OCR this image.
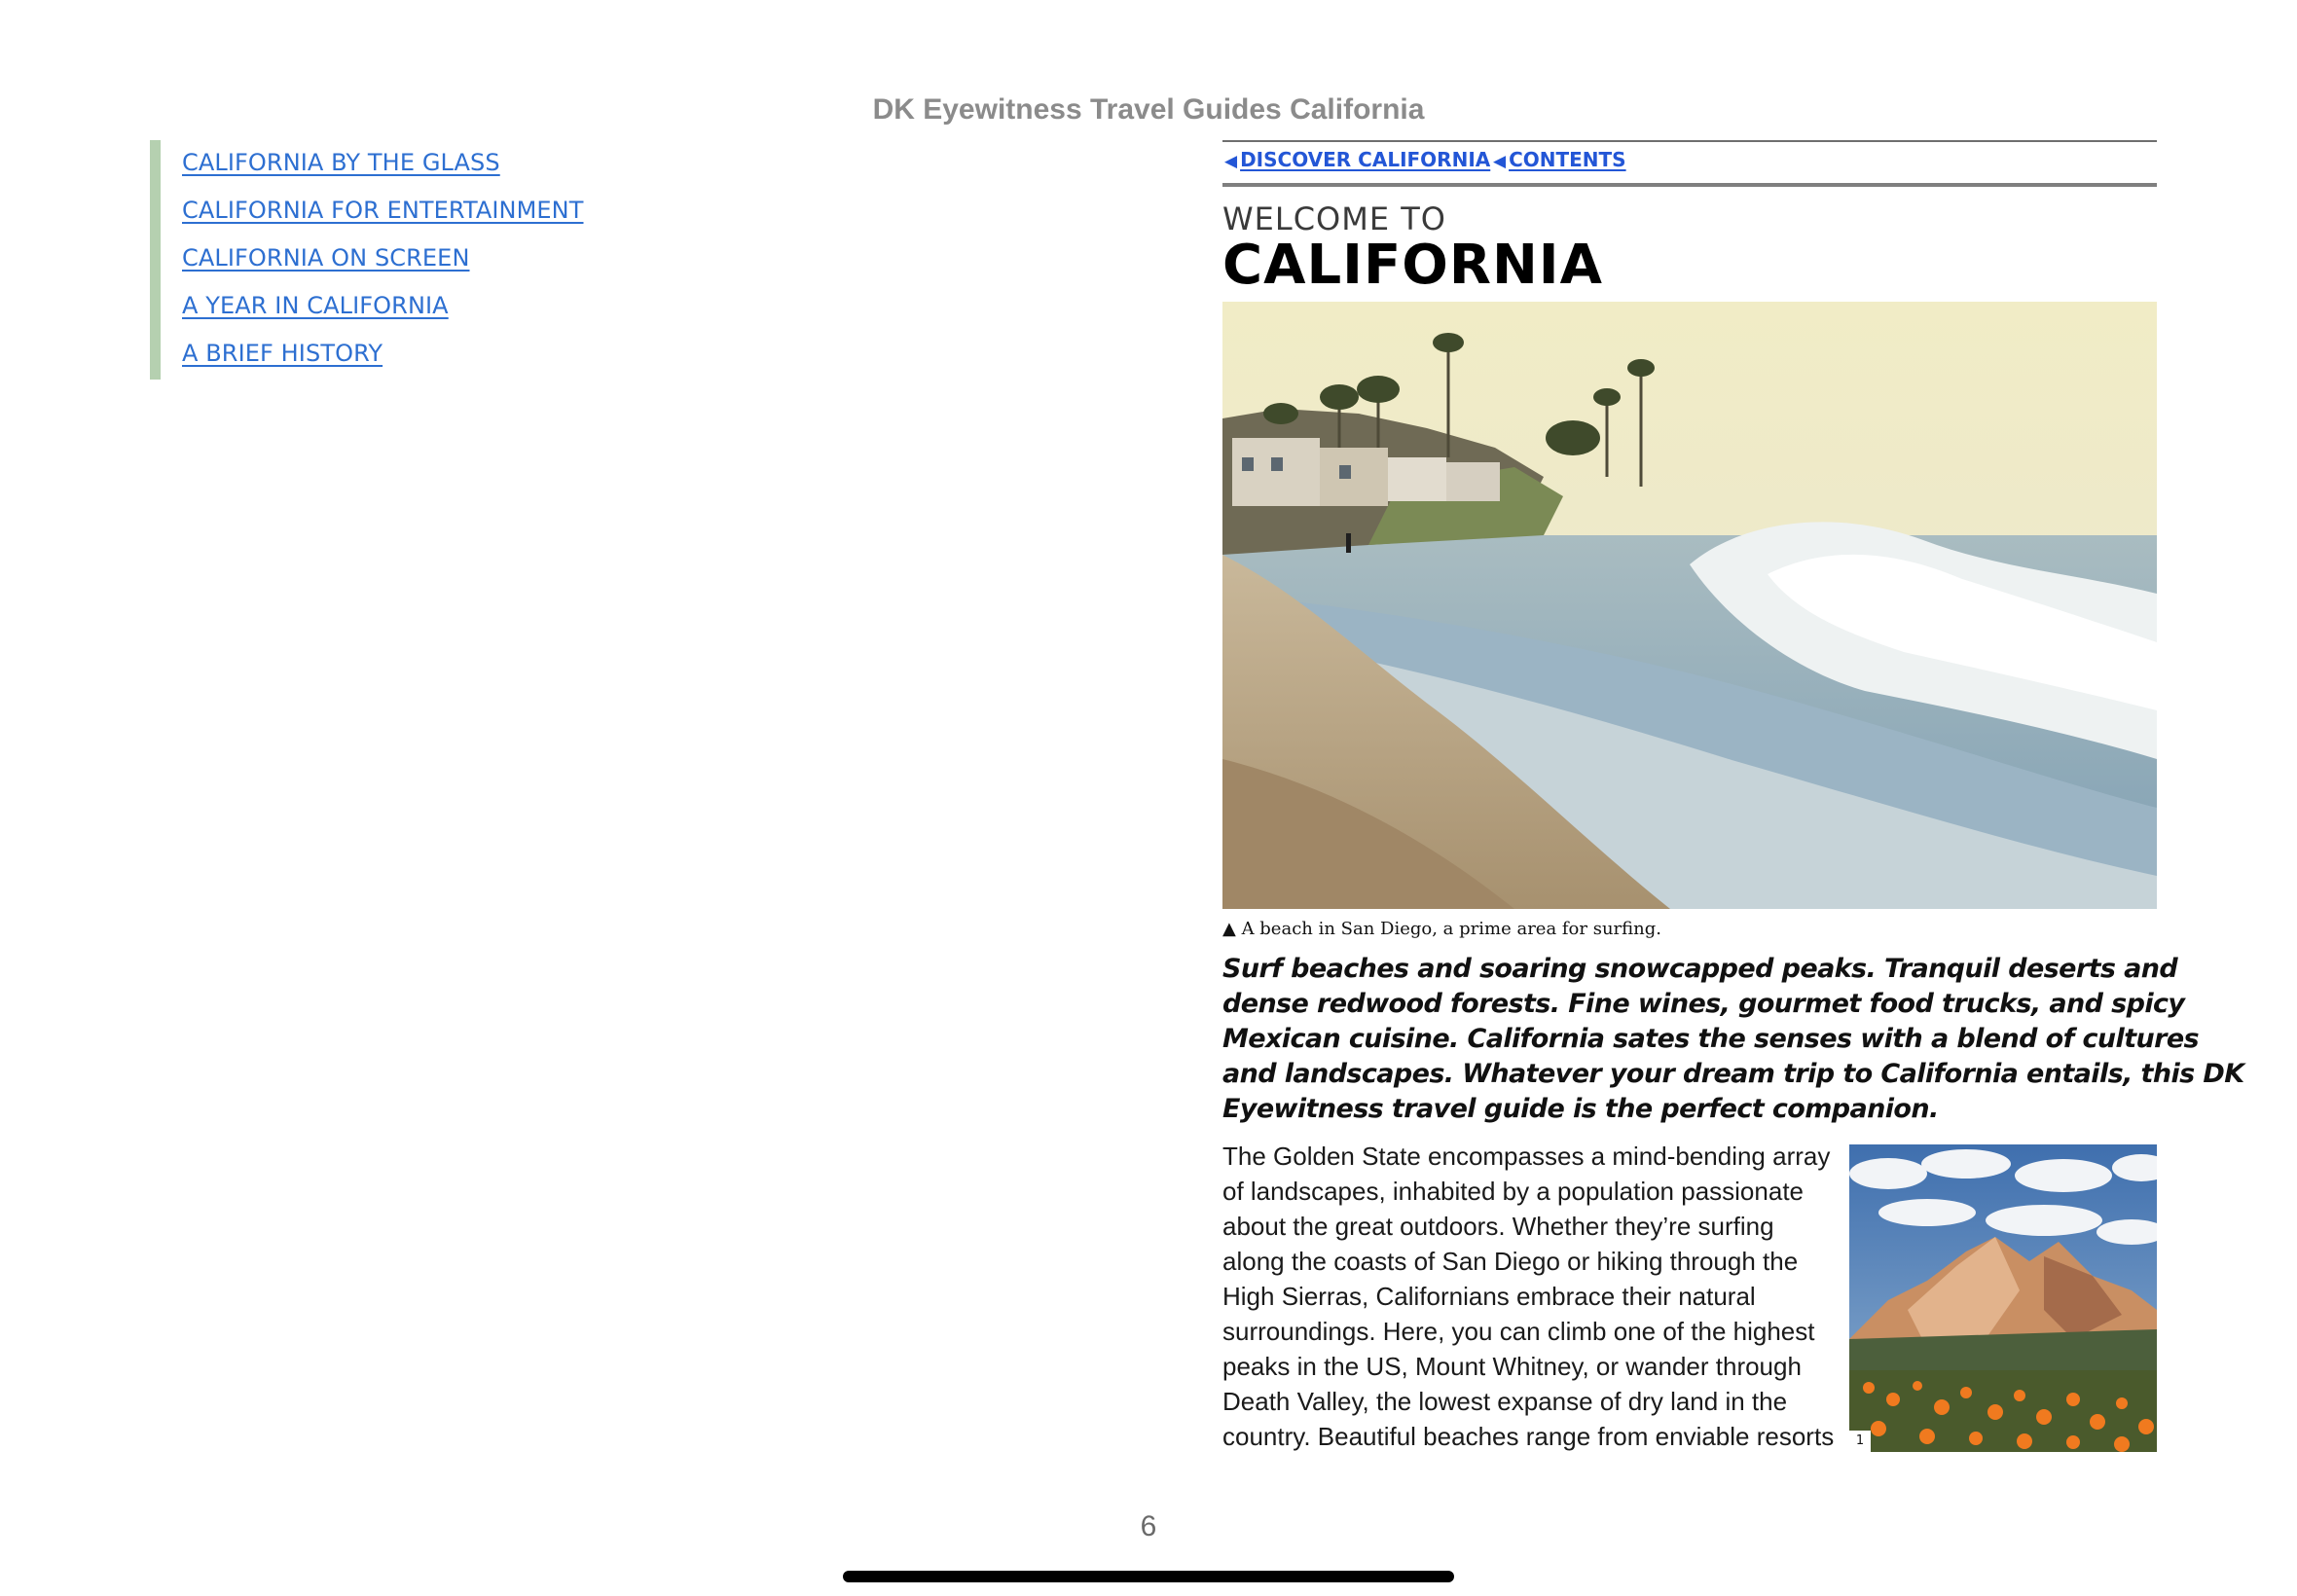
DK Eyewitness Travel Guides California
CALIFORNIA BY THE GLASS
CALIFORNIA FOR ENTERTAINMENT
CALIFORNIA ON SCREEN
A YEAR IN CALIFORNIA
A BRIEF HISTORY
◀ DISCOVER CALIFORNIA ◀ CONTENTS
WELCOME TO
CALIFORNIA
▲ A beach in San Diego, a prime area for surfing.
Surf beaches and soaring snowcapped peaks. Tranquil deserts and
dense redwood forests. Fine wines, gourmet food trucks, and spicy
Mexican cuisine. California sates the senses with a blend of cultures
and landscapes. Whatever your dream trip to California entails, this DK
Eyewitness travel guide is the perfect companion.
The Golden State encompasses a mind-bending array
of landscapes, inhabited by a population passionate
about the great outdoors. Whether they’re surfing
along the coasts of San Diego or hiking through the
High Sierras, Californians embrace their natural
surroundings. Here, you can climb one of the highest
peaks in the US, Mount Whitney, or wander through
Death Valley, the lowest expanse of dry land in the
country. Beautiful beaches range from enviable resorts	1
6
